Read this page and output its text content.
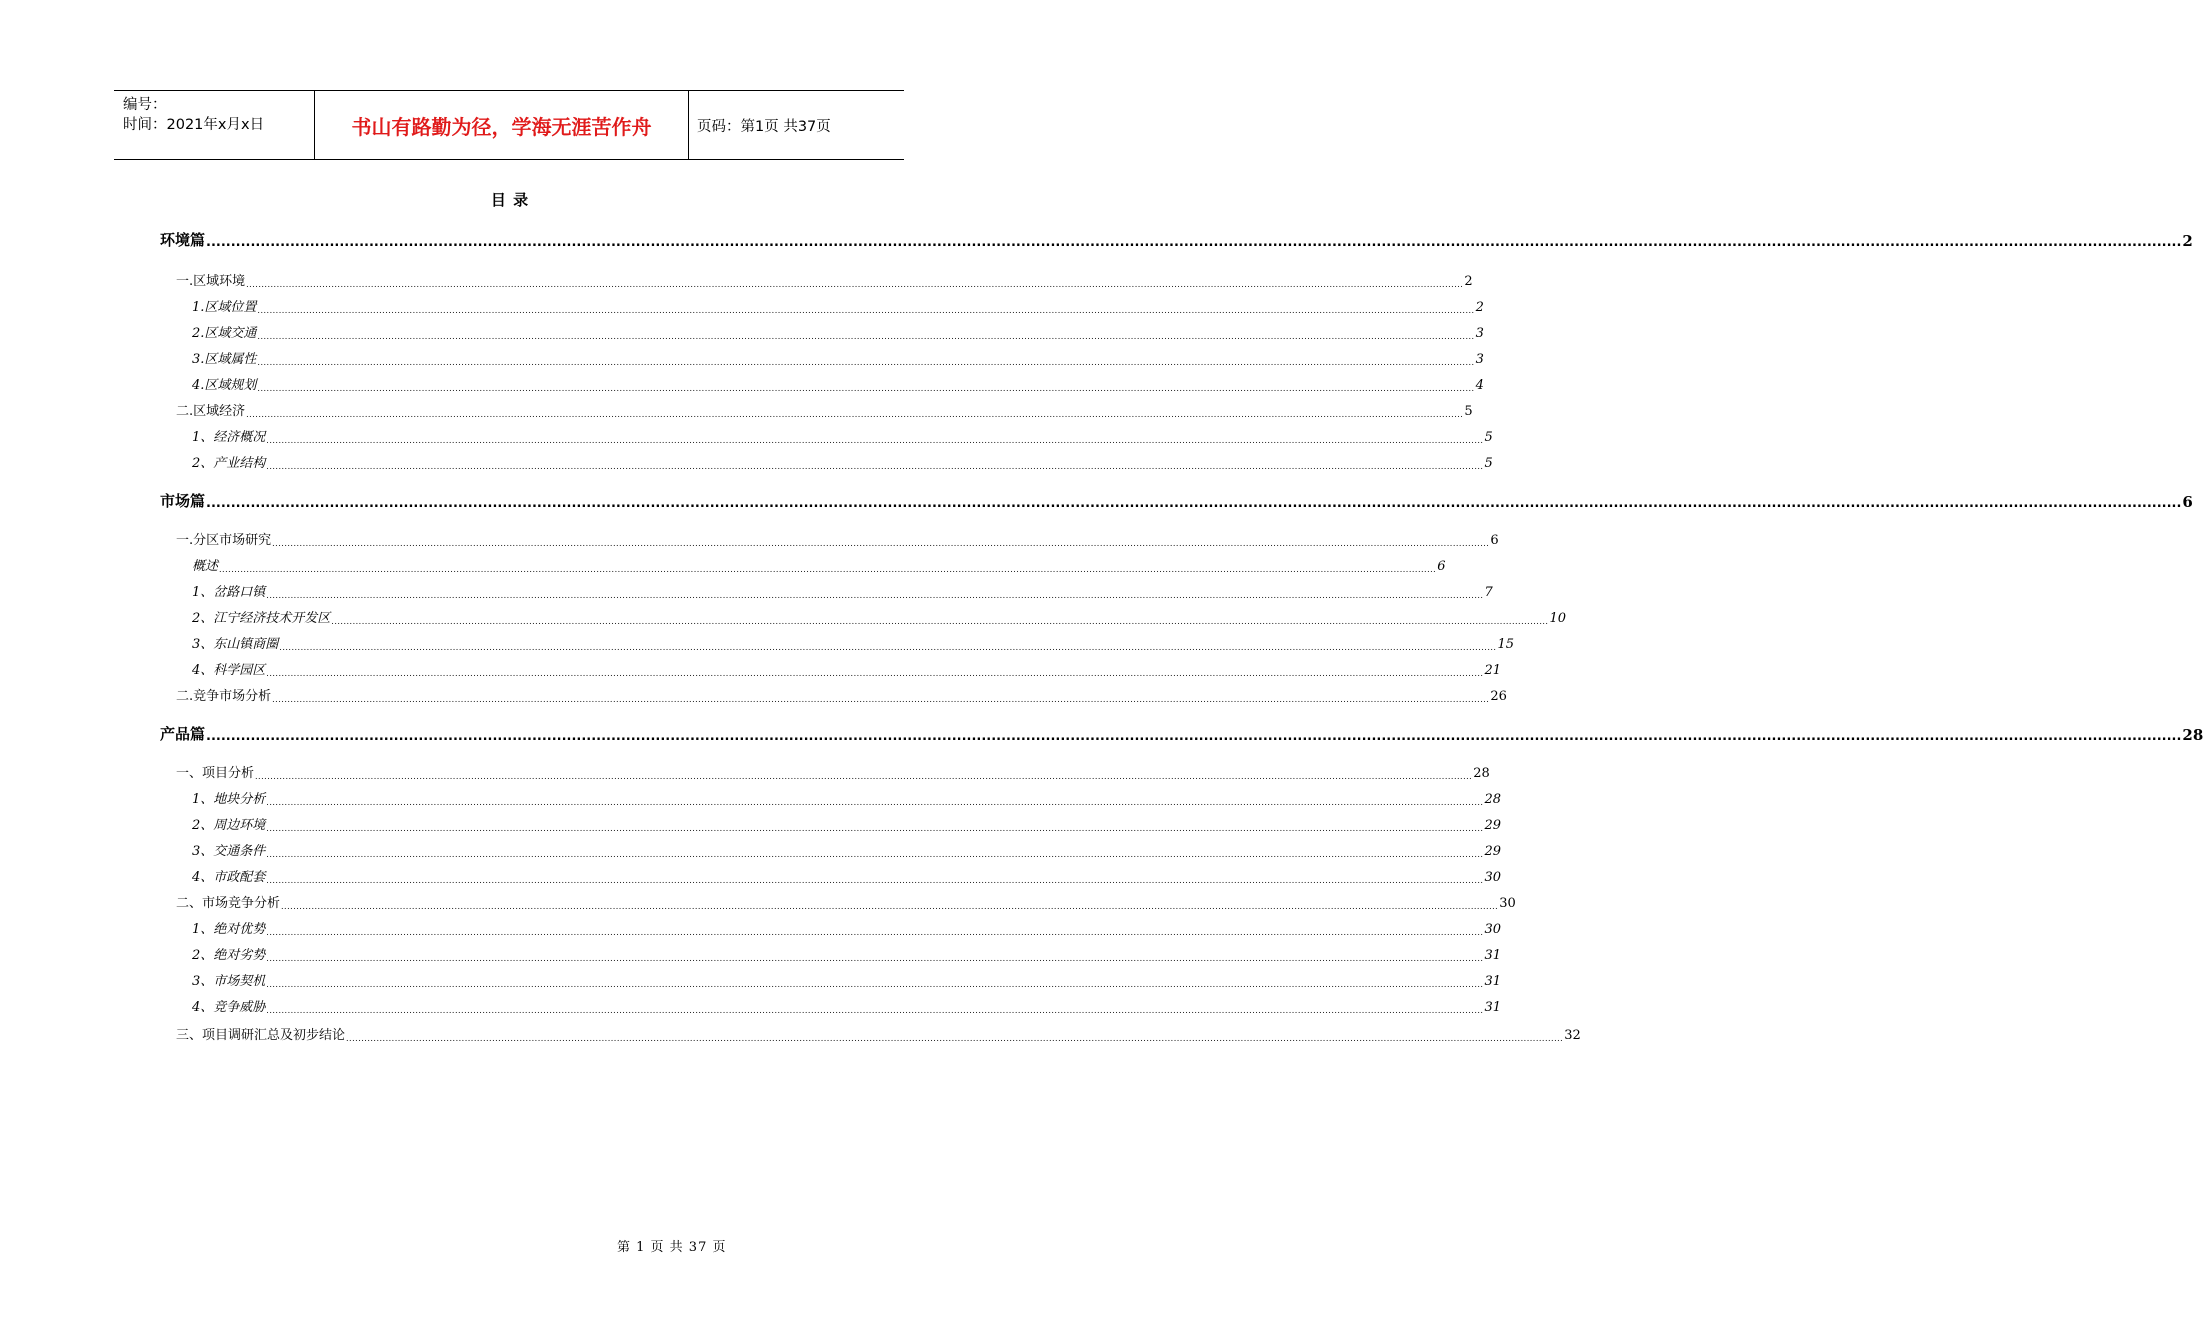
编号：
时间：2021年x月x日	书山有路勤为径，学海无涯苦作舟	页码：第1页 共37页
目 录
环境篇 ................................................................................................................................................................................................................................................................................................................................................................................................................ 2
一.区域环境 ................................................................................................................................................................................................................................................................................................................................................................................................................ 2
1.区域位置 ................................................................................................................................................................................................................................................................................................................................................................................................................ 2
2.区域交通 ................................................................................................................................................................................................................................................................................................................................................................................................................ 3
3.区域属性 ................................................................................................................................................................................................................................................................................................................................................................................................................ 3
4.区域规划 ................................................................................................................................................................................................................................................................................................................................................................................................................ 4
二.区域经济 ................................................................................................................................................................................................................................................................................................................................................................................................................ 5
1、经济概况 ................................................................................................................................................................................................................................................................................................................................................................................................................ 5
2、产业结构 ................................................................................................................................................................................................................................................................................................................................................................................................................ 5
市场篇 ................................................................................................................................................................................................................................................................................................................................................................................................................ 6
一.分区市场研究 ................................................................................................................................................................................................................................................................................................................................................................................................................ 6
概述 ................................................................................................................................................................................................................................................................................................................................................................................................................ 6
1、岔路口镇 ................................................................................................................................................................................................................................................................................................................................................................................................................ 7
2、江宁经济技术开发区 ................................................................................................................................................................................................................................................................................................................................................................................................................ 10
3、东山镇商圈 ................................................................................................................................................................................................................................................................................................................................................................................................................ 15
4、科学园区 ................................................................................................................................................................................................................................................................................................................................................................................................................ 21
二.竞争市场分析 ................................................................................................................................................................................................................................................................................................................................................................................................................ 26
产品篇 ................................................................................................................................................................................................................................................................................................................................................................................................................ 28
一、项目分析 ................................................................................................................................................................................................................................................................................................................................................................................................................ 28
1、地块分析 ................................................................................................................................................................................................................................................................................................................................................................................................................ 28
2、周边环境 ................................................................................................................................................................................................................................................................................................................................................................................................................ 29
3、交通条件 ................................................................................................................................................................................................................................................................................................................................................................................................................ 29
4、市政配套 ................................................................................................................................................................................................................................................................................................................................................................................................................ 30
二、市场竞争分析 ................................................................................................................................................................................................................................................................................................................................................................................................................ 30
1、绝对优势 ................................................................................................................................................................................................................................................................................................................................................................................................................ 30
2、绝对劣势 ................................................................................................................................................................................................................................................................................................................................................................................................................ 31
3、市场契机 ................................................................................................................................................................................................................................................................................................................................................................................................................ 31
4、竞争威胁 ................................................................................................................................................................................................................................................................................................................................................................................................................ 31
三、项目调研汇总及初步结论 ................................................................................................................................................................................................................................................................................................................................................................................................................ 32
第 1 页 共 37 页
